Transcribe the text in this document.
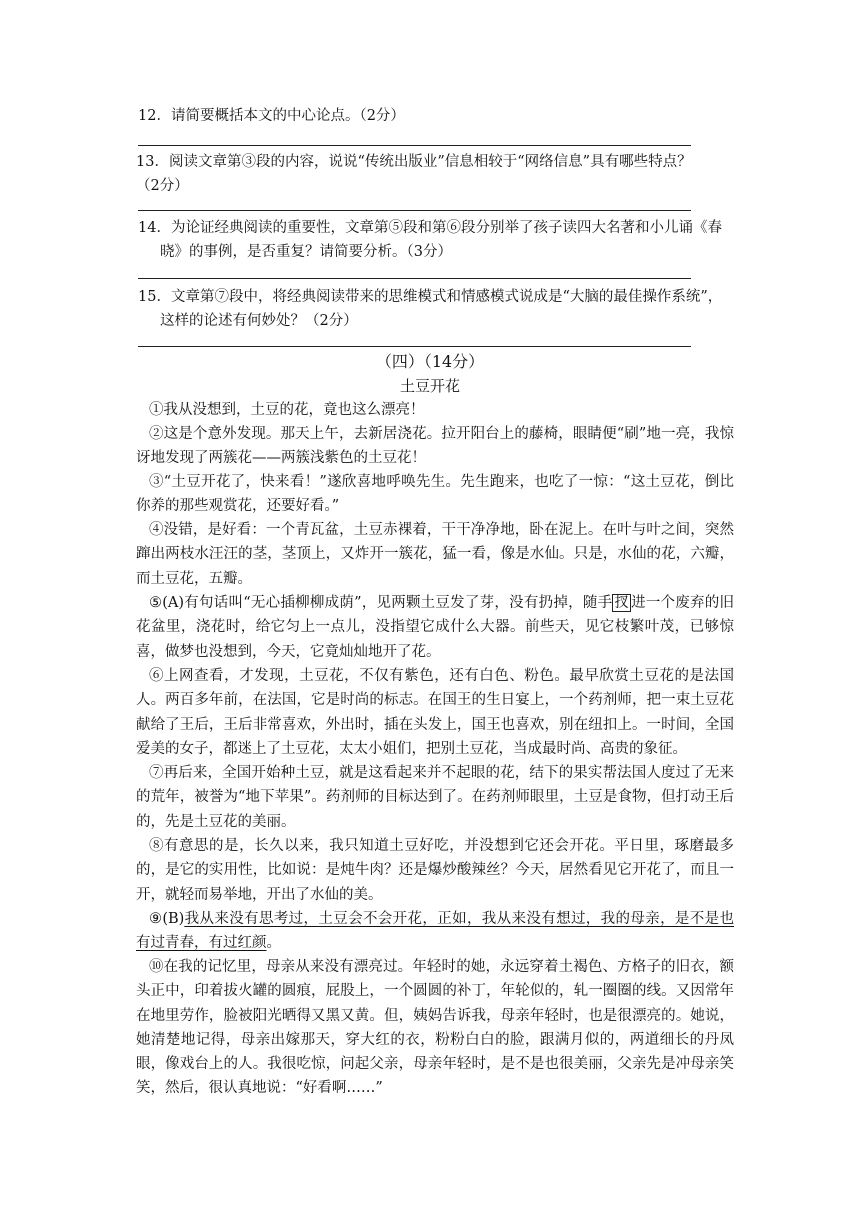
12．请简要概括本文的中心论点。（2分）
13．阅读文章第③段的内容，说说“传统出版业”信息相较于“网络信息”具有哪些特点？
（2分）
14．为论证经典阅读的重要性，文章第⑤段和第⑥段分别举了孩子读四大名著和小儿诵《春
晓》的事例，是否重复？请简要分析。（3分）
15．文章第⑦段中，将经典阅读带来的思维模式和情感模式说成是“大脑的最佳操作系统”，
这样的论述有何妙处？（2分）
（四）（14分）
土豆开花
①我从没想到，土豆的花，竟也这么漂亮！
②这是个意外发现。那天上午，去新居浇花。拉开阳台上的藤椅，眼睛便“刷”地一亮，我惊讶地发现了两簇花——两簇浅紫色的土豆花！
③“土豆开花了，快来看！”遂欣喜地呼唤先生。先生跑来，也吃了一惊：“这土豆花，倒比你养的那些观赏花，还要好看。”
④没错，是好看：一个青瓦盆，土豆赤裸着，干干净净地，卧在泥上。在叶与叶之间，突然蹿出两枝水汪汪的茎，茎顶上，又炸开一簇花，猛一看，像是水仙。只是，水仙的花，六瓣，而土豆花，五瓣。
⑤(A)有句话叫“无心插柳柳成荫”，见两颗土豆发了芽，没有扔掉，随手 扠 进一个废弃的旧花盆里，浇花时，给它匀上一点儿，没指望它成什么大器。前些天，见它枝繁叶茂，已够惊喜，做梦也没想到，今天，它竟灿灿地开了花。
⑥上网查看，才发现，土豆花，不仅有紫色，还有白色、粉色。最早欣赏土豆花的是法国人。两百多年前，在法国，它是时尚的标志。在国王的生日宴上，一个药剂师，把一束土豆花献给了王后，王后非常喜欢，外出时，插在头发上，国王也喜欢，别在纽扣上。一时间，全国爱美的女子，都迷上了土豆花，太太小姐们，把别土豆花，当成最时尚、高贵的象征。
⑦再后来，全国开始种土豆，就是这看起来并不起眼的花，结下的果实帮法国人度过了无来的荒年，被誉为“地下苹果”。药剂师的目标达到了。在药剂师眼里，土豆是食物，但打动王后的，先是土豆花的美丽。
⑧有意思的是，长久以来，我只知道土豆好吃，并没想到它还会开花。平日里，琢磨最多的，是它的实用性，比如说：是炖牛肉？还是爆炒酸辣丝？今天，居然看见它开花了，而且一开，就轻而易举地，开出了水仙的美。
⑨(B)我从来没有思考过，土豆会不会开花，正如，我从来没有想过，我的母亲，是不是也有过青春，有过红颜。
⑩在我的记忆里，母亲从来没有漂亮过。年轻时的她，永远穿着土褐色、方格子的旧衣，额头正中，印着拔火罐的圆痕，屁股上，一个圆圆的补丁，年轮似的，轧一圈圈的线。又因常年在地里劳作，脸被阳光晒得又黑又黄。但，姨妈告诉我，母亲年轻时，也是很漂亮的。她说，她清楚地记得，母亲出嫁那天，穿大红的衣，粉粉白白的脸，跟满月似的，两道细长的丹凤眼，像戏台上的人。我很吃惊，问起父亲，母亲年轻时，是不是也很美丽，父亲先是冲母亲笑笑，然后，很认真地说：“好看啊……”
